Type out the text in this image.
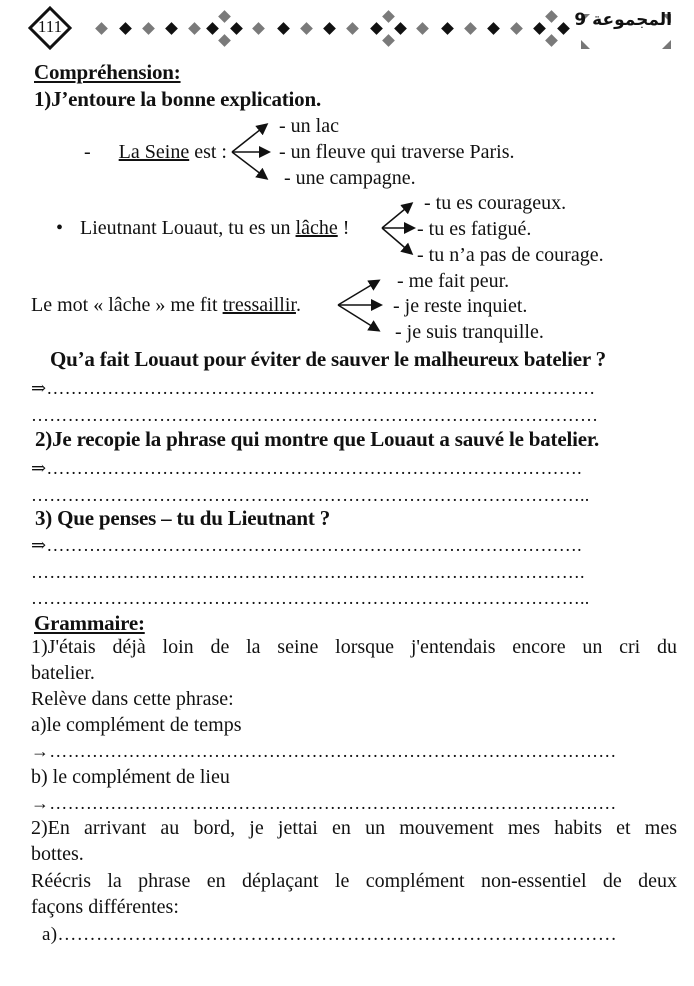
111	المجموعة 9
Compréhension:
1)J’entoure la bonne explication.
- La Seine est :
- un lac
- un fleuve qui traverse Paris.
- une campagne.
• Lieutnant Louaut, tu es un lâche !
- tu es courageux.
- tu es fatigué.
- tu n’a pas de courage.
Le mot « lâche » me fit tressaillir.
- me fait peur.
- je reste inquiet.
- je suis tranquille.
Qu’a fait Louaut pour éviter de sauver le malheureux batelier ?
⇒………………………………………………………………………………
…………………………………………………………………………………
2)Je recopie la phrase qui montre que Louaut a sauvé le batelier.
⇒…………………………………………………………………………….
………………………………………………………………………………..
3) Que penses – tu du Lieutnant ?
⇒…………………………………………………………………………….
……………………………………………………………………………….
………………………………………………………………………………..
Grammaire:
1)J'étais déjà loin de la seine lorsque j'entendais encore un cri du
batelier.
Relève dans cette phrase:
a)le complément de temps
→…………………………………………………………………………………
b) le complément de lieu
→…………………………………………………………………………………
2)En arrivant au bord, je jettai en un mouvement mes habits et mes
bottes.
Réécris la phrase en déplaçant le complément non-essentiel de deux
façons différentes:
a)……………………………………………………………………………
